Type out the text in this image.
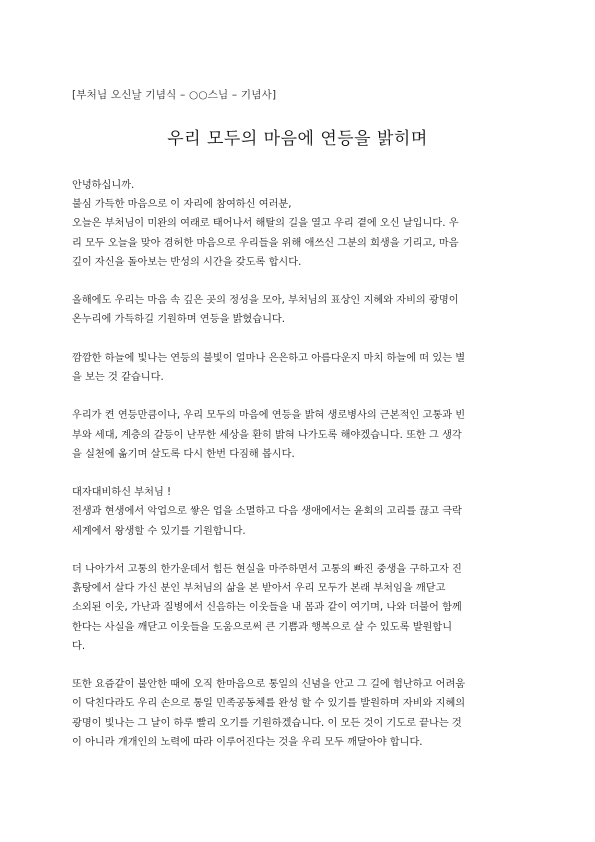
[부처님 오신날 기념식 – ○○스님 – 기념사]
우리 모두의 마음에 연등을 밝히며

안녕하십니까.
불심 가득한 마음으로 이 자리에 참여하신 여러분,
오늘은 부처님이 미완의 여래로 태어나서 해탈의 길을 열고 우리 곁에 오신 날입니다. 우
리 모두 오늘을 맞아 겸허한 마음으로 우리들을 위해 애쓰신 그분의 희생을 기리고, 마음
깊이 자신을 돌아보는 반성의 시간을 갖도록 합시다.

올해에도 우리는 마음 속 깊은 곳의 정성을 모아, 부처님의 표상인 지혜와 자비의 광명이
온누리에 가득하길 기원하며 연등을 밝혔습니다.

깜깜한 하늘에 빛나는 연등의 불빛이 얼마나 은은하고 아름다운지 마치 하늘에 떠 있는 별
을 보는 것 같습니다.

우리가 켠 연등만큼이나, 우리 모두의 마음에 연등을 밝혀 생로병사의 근본적인 고통과 빈
부와 세대, 계층의 갈등이 난무한 세상을 환히 밝혀 나가도록 해야겠습니다. 또한 그 생각
을 실천에 옮기며 살도록 다시 한번 다짐해 봅시다.

대자대비하신 부처님 !
전생과 현생에서 악업으로 쌓은 업을 소멸하고 다음 생애에서는 윤회의 고리를 끊고 극락
세계에서 왕생할 수 있기를 기원합니다.

더 나아가서 고통의 한가운데서 힘든 현실을 마주하면서 고통의 빠진 중생을 구하고자 진
흙탕에서 살다 가신 분인 부처님의 삶을 본 받아서 우리 모두가 본래 부처임을 깨닫고
소외된 이웃, 가난과 질병에서 신음하는 이웃들을 내 몸과 같이 여기며, 나와 더불어 함께
한다는 사실을 깨닫고 이웃들을 도움으로써 큰 기쁨과 행복으로 살 수 있도록 발원합니
다.

또한 요즘같이 불안한 때에 오직 한마음으로 통일의 신념을 안고 그 길에 험난하고 어려움
이 닥친다라도 우리 손으로 통일 민족공동체를 완성 할 수 있기를 발원하며 자비와 지혜의
광명이 빛나는 그 날이 하루 빨리 오기를 기원하겠습니다. 이 모든 것이 기도로 끝나는 것
이 아니라 개개인의 노력에 따라 이루어진다는 것을 우리 모두 깨달아야 합니다.
